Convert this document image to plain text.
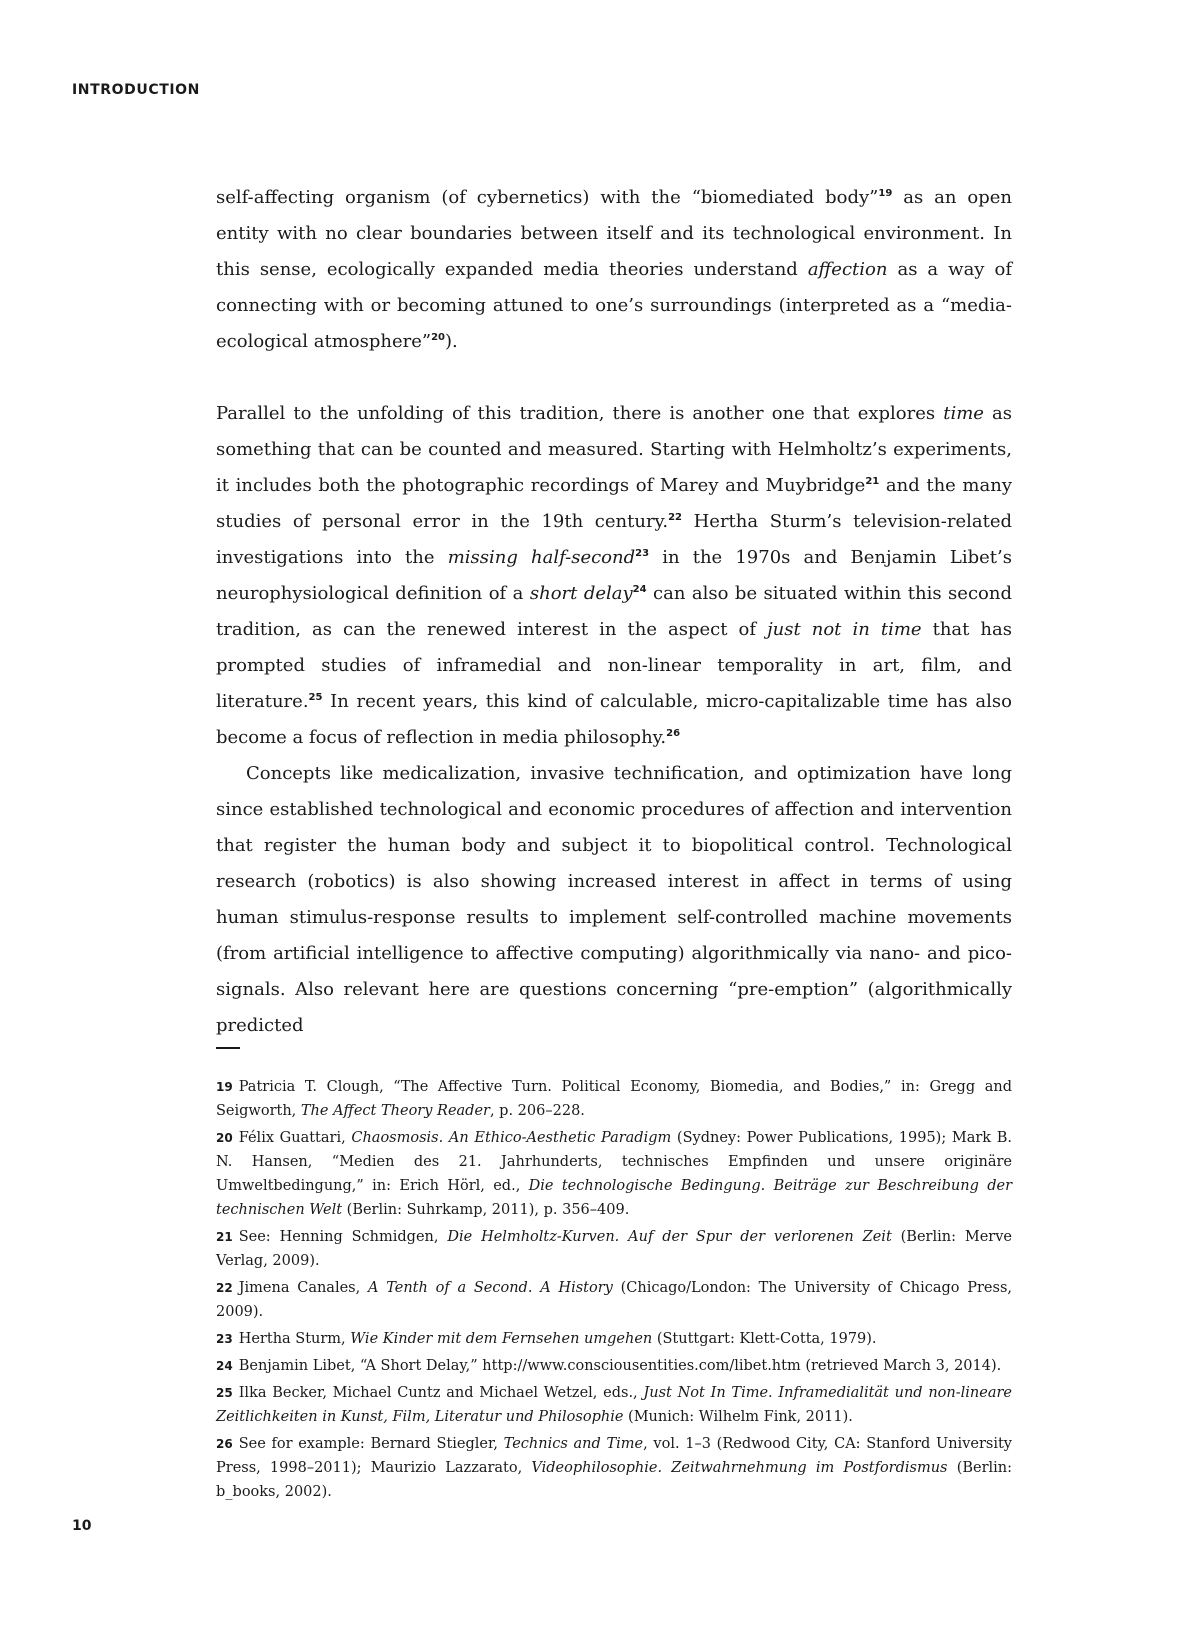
INTRODUCTION

self-affecting organism (of cybernetics) with the “biomediated body”$^{19}$ as an open entity with no clear boundaries between itself and its technological environment. In this sense, ecologically expanded media theories understand affection as a way of connecting with or becoming attuned to one’s surroundings (interpreted as a “media-ecological atmosphere”$^{20}$).

Parallel to the unfolding of this tradition, there is another one that explores time as something that can be counted and measured. Starting with Helmholtz’s experiments, it includes both the photographic recordings of Marey and Muybridge$^{21}$ and the many studies of personal error in the 19th century.$^{22}$ Hertha Sturm’s television-related investigations into the missing half-second$^{23}$ in the 1970s and Benjamin Libet’s neurophysiological definition of a short delay$^{24}$ can also be situated within this second tradition, as can the renewed interest in the aspect of just not in time that has prompted studies of inframedial and non-linear temporality in art, film, and literature.$^{25}$ In recent years, this kind of calculable, micro-capitalizable time has also become a focus of reflection in media philosophy.$^{26}$

Concepts like medicalization, invasive technification, and optimization have long since established technological and economic procedures of affection and intervention that register the human body and subject it to biopolitical control. Technological research (robotics) is also showing increased interest in affect in terms of using human stimulus-response results to implement self-controlled machine movements (from artificial intelligence to affective computing) algorithmically via nano- and pico-signals. Also relevant here are questions concerning “pre-emption” (algorithmically predicted

19 Patricia T. Clough, “The Affective Turn. Political Economy, Biomedia, and Bodies,” in: Gregg and Seigworth, The Affect Theory Reader, p. 206–228.

20 Félix Guattari, Chaosmosis. An Ethico-Aesthetic Paradigm (Sydney: Power Publications, 1995); Mark B. N. Hansen, “Medien des 21. Jahrhunderts, technisches Empfinden und unsere originäre Umweltbedingung,” in: Erich Hörl, ed., Die technologische Bedingung. Beiträge zur Beschreibung der technischen Welt (Berlin: Suhrkamp, 2011), p. 356–409.

21 See: Henning Schmidgen, Die Helmholtz-Kurven. Auf der Spur der verlorenen Zeit (Berlin: Merve Verlag, 2009).

22 Jimena Canales, A Tenth of a Second. A History (Chicago/London: The University of Chicago Press, 2009).

23 Hertha Sturm, Wie Kinder mit dem Fernsehen umgehen (Stuttgart: Klett-Cotta, 1979).

24 Benjamin Libet, “A Short Delay,” http://www.consciousentities.com/libet.htm (retrieved March 3, 2014).

25 Ilka Becker, Michael Cuntz and Michael Wetzel, eds., Just Not In Time. Inframedialität und non-lineare Zeitlichkeiten in Kunst, Film, Literatur und Philosophie (Munich: Wilhelm Fink, 2011).

26 See for example: Bernard Stiegler, Technics and Time, vol. 1–3 (Redwood City, CA: Stanford University Press, 1998–2011); Maurizio Lazzarato, Videophilosophie. Zeitwahrnehmung im Postfordismus (Berlin: b_books, 2002).

10
